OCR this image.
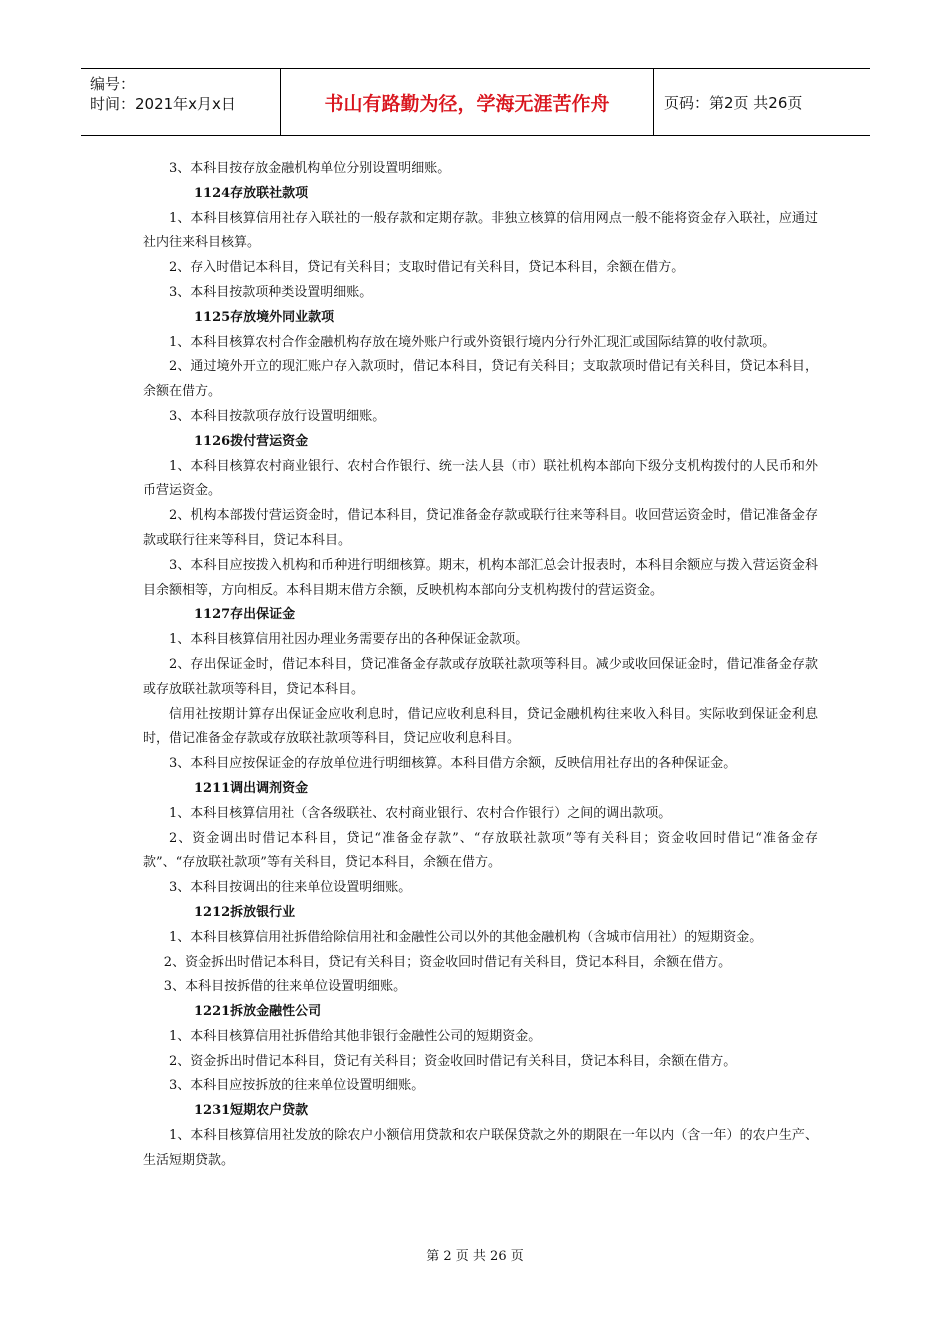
编号：
时间：2021年x月x日	书山有路勤为径，学海无涯苦作舟	页码：第2页 共26页

3、本科目按存放金融机构单位分别设置明细账。

1124存放联社款项

1、本科目核算信用社存入联社的一般存款和定期存款。非独立核算的信用网点一般不能将资金存入联社，应通过社内往来科目核算。

2、存入时借记本科目，贷记有关科目；支取时借记有关科目，贷记本科目，余额在借方。

3、本科目按款项种类设置明细账。

1125存放境外同业款项

1、本科目核算农村合作金融机构存放在境外账户行或外资银行境内分行外汇现汇或国际结算的收付款项。

2、通过境外开立的现汇账户存入款项时，借记本科目，贷记有关科目；支取款项时借记有关科目，贷记本科目，余额在借方。

3、本科目按款项存放行设置明细账。

1126拨付营运资金

1、本科目核算农村商业银行、农村合作银行、统一法人县（市）联社机构本部向下级分支机构拨付的人民币和外币营运资金。

2、机构本部拨付营运资金时，借记本科目，贷记准备金存款或联行往来等科目。收回营运资金时，借记准备金存款或联行往来等科目，贷记本科目。

3、本科目应按拨入机构和币种进行明细核算。期末，机构本部汇总会计报表时，本科目余额应与拨入营运资金科目余额相等，方向相反。本科目期末借方余额，反映机构本部向分支机构拨付的营运资金。

1127存出保证金

1、本科目核算信用社因办理业务需要存出的各种保证金款项。

2、存出保证金时，借记本科目，贷记准备金存款或存放联社款项等科目。减少或收回保证金时，借记准备金存款或存放联社款项等科目，贷记本科目。

信用社按期计算存出保证金应收利息时，借记应收利息科目，贷记金融机构往来收入科目。实际收到保证金利息时，借记准备金存款或存放联社款项等科目，贷记应收利息科目。

3、本科目应按保证金的存放单位进行明细核算。本科目借方余额，反映信用社存出的各种保证金。

1211调出调剂资金

1、本科目核算信用社（含各级联社、农村商业银行、农村合作银行）之间的调出款项。

2、资金调出时借记本科目，贷记“准备金存款”、“存放联社款项”等有关科目；资金收回时借记“准备金存款”、“存放联社款项”等有关科目，贷记本科目，余额在借方。

3、本科目按调出的往来单位设置明细账。

1212拆放银行业

1、本科目核算信用社拆借给除信用社和金融性公司以外的其他金融机构（含城市信用社）的短期资金。

2、资金拆出时借记本科目，贷记有关科目；资金收回时借记有关科目，贷记本科目，余额在借方。

3、本科目按拆借的往来单位设置明细账。

1221拆放金融性公司

1、本科目核算信用社拆借给其他非银行金融性公司的短期资金。

2、资金拆出时借记本科目，贷记有关科目；资金收回时借记有关科目，贷记本科目，余额在借方。

3、本科目应按拆放的往来单位设置明细账。

1231短期农户贷款

1、本科目核算信用社发放的除农户小额信用贷款和农户联保贷款之外的期限在一年以内（含一年）的农户生产、生活短期贷款。

第 2 页 共 26 页
